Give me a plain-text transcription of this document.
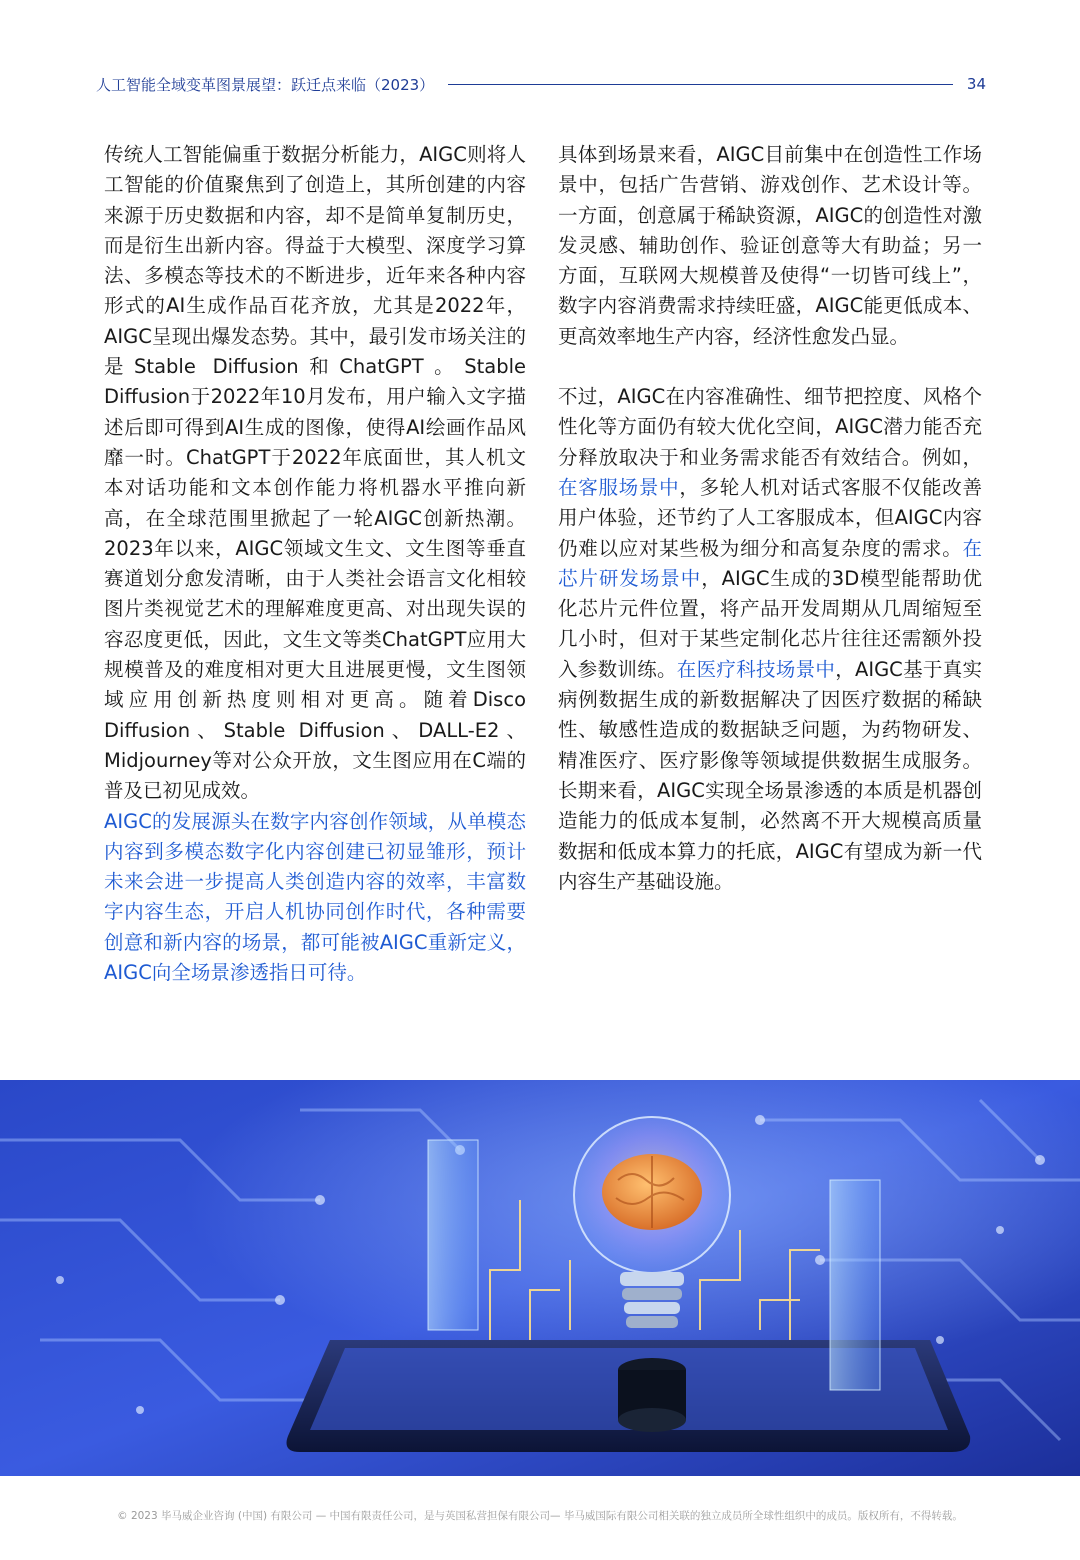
人工智能全域变革图景展望：跃迁点来临（2023）	34

传统人工智能偏重于数据分析能力，AIGC则将人工智能的价值聚焦到了创造上，其所创建的内容来源于历史数据和内容，却不是简单复制历史，而是衍生出新内容。得益于大模型、深度学习算法、多模态等技术的不断进步，近年来各种内容形式的AI生成作品百花齐放，尤其是2022年，AIGC呈现出爆发态势。其中，最引发市场关注的是Stable Diffusion和ChatGPT。Stable Diffusion于2022年10月发布，用户输入文字描述后即可得到AI生成的图像，使得AI绘画作品风靡一时。ChatGPT于2022年底面世，其人机文本对话功能和文本创作能力将机器水平推向新高，在全球范围里掀起了一轮AIGC创新热潮。2023年以来，AIGC领域文生文、文生图等垂直赛道划分愈发清晰，由于人类社会语言文化相较图片类视觉艺术的理解难度更高、对出现失误的容忍度更低，因此，文生文等类ChatGPT应用大规模普及的难度相对更大且进展更慢，文生图领域应用创新热度则相对更高。随着Disco Diffusion、Stable Diffusion、DALL-E2、Midjourney等对公众开放，文生图应用在C端的普及已初见成效。

AIGC的发展源头在数字内容创作领域，从单模态内容到多模态数字化内容创建已初显雏形，预计未来会进一步提高人类创造内容的效率，丰富数字内容生态，开启人机协同创作时代，各种需要创意和新内容的场景，都可能被AIGC重新定义，AIGC向全场景渗透指日可待。

具体到场景来看，AIGC目前集中在创造性工作场景中，包括广告营销、游戏创作、艺术设计等。一方面，创意属于稀缺资源，AIGC的创造性对激发灵感、辅助创作、验证创意等大有助益；另一方面，互联网大规模普及使得“一切皆可线上”，数字内容消费需求持续旺盛，AIGC能更低成本、更高效率地生产内容，经济性愈发凸显。

不过，AIGC在内容准确性、细节把控度、风格个性化等方面仍有较大优化空间，AIGC潜力能否充分释放取决于和业务需求能否有效结合。例如，在客服场景中，多轮人机对话式客服不仅能改善用户体验，还节约了人工客服成本，但AIGC内容仍难以应对某些极为细分和高复杂度的需求。在芯片研发场景中，AIGC生成的3D模型能帮助优化芯片元件位置，将产品开发周期从几周缩短至几小时，但对于某些定制化芯片往往还需额外投入参数训练。在医疗科技场景中，AIGC基于真实病例数据生成的新数据解决了因医疗数据的稀缺性、敏感性造成的数据缺乏问题，为药物研发、精准医疗、医疗影像等领域提供数据生成服务。长期来看，AIGC实现全场景渗透的本质是机器创造能力的低成本复制，必然离不开大规模高质量数据和低成本算力的托底，AIGC有望成为新一代内容生产基础设施。

© 2023 毕马威企业咨询 (中国) 有限公司 — 中国有限责任公司，是与英国私营担保有限公司— 毕马威国际有限公司相关联的独立成员所全球性组织中的成员。版权所有，不得转载。
